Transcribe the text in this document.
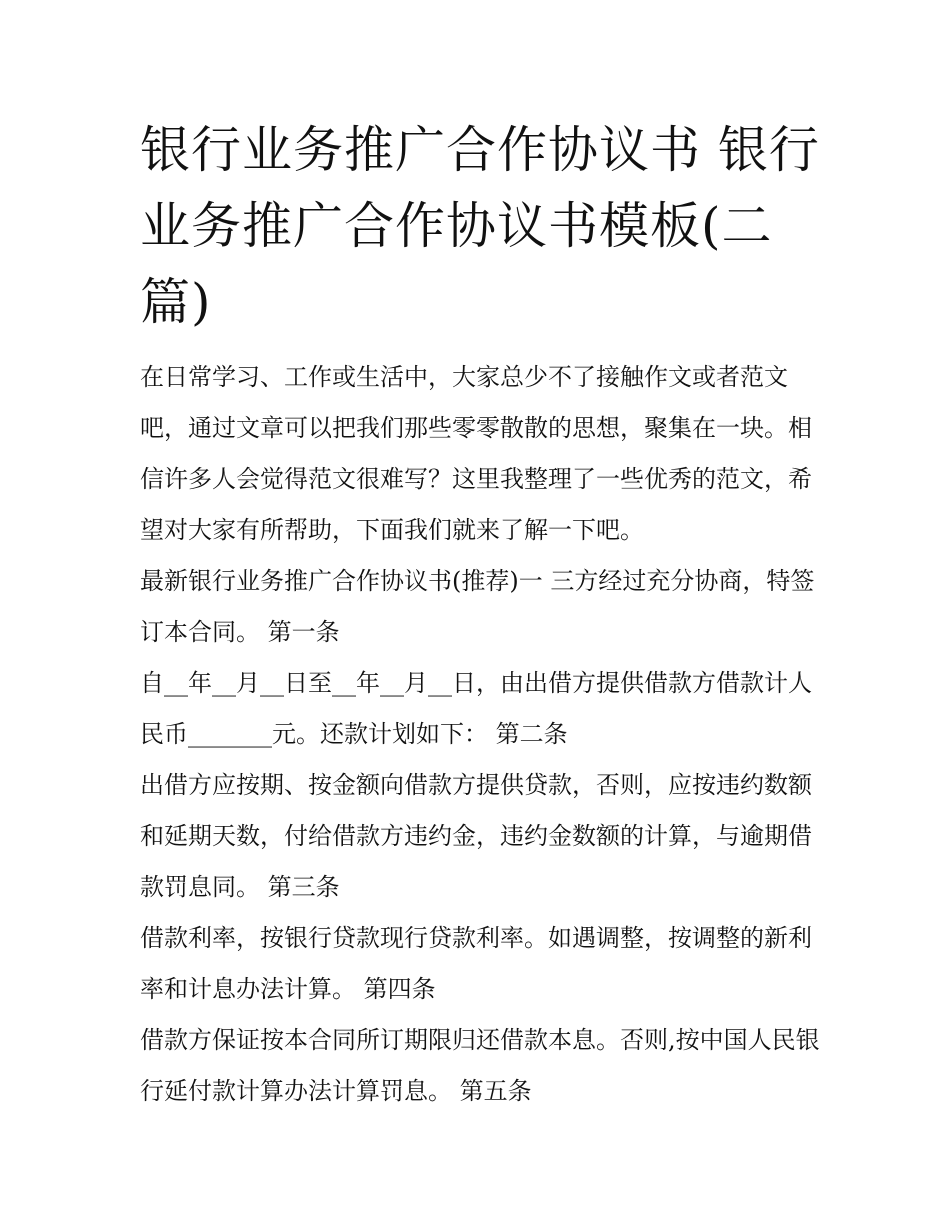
银行业务推广合作协议书 银行业务推广合作协议书模板(二篇)

在日常学习、工作或生活中，大家总少不了接触作文或者范文吧，通过文章可以把我们那些零零散散的思想，聚集在一块。相信许多人会觉得范文很难写？这里我整理了一些优秀的范文，希望对大家有所帮助，下面我们就来了解一下吧。

最新银行业务推广合作协议书(推荐)一 三方经过充分协商，特签订本合同。 第一条

自__年__月__日至__年__月__日，由出借方提供借款方借款计人民币_______元。还款计划如下： 第二条

出借方应按期、按金额向借款方提供贷款，否则，应按违约数额和延期天数，付给借款方违约金，违约金数额的计算，与逾期借款罚息同。 第三条

借款利率，按银行贷款现行贷款利率。如遇调整，按调整的新利率和计息办法计算。 第四条

借款方保证按本合同所订期限归还借款本息。否则,按中国人民银行延付款计算办法计算罚息。 第五条
